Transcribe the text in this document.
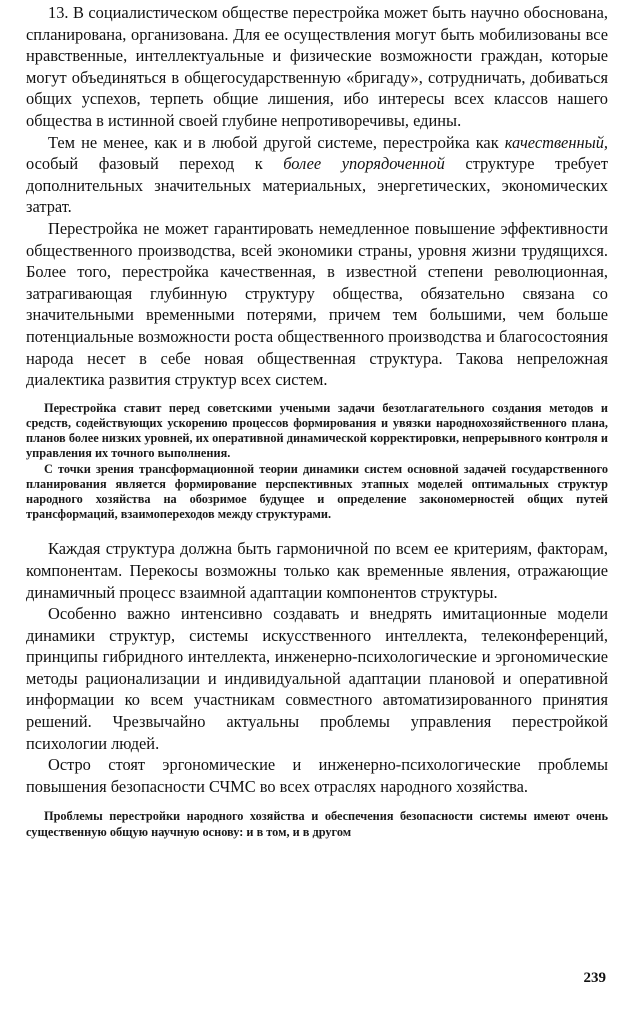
13. В социалистическом обществе перестройка может быть научно обоснована, спланирована, организована. Для ее осуществления могут быть мобилизованы все нравственные, интеллектуальные и физические возможности граждан, которые могут объединяться в общегосударственную «бригаду», сотрудничать, добиваться общих успехов, терпеть общие лишения, ибо интересы всех классов нашего общества в истинной своей глубине непротиворечивы, едины.

Тем не менее, как и в любой другой системе, перестройка как качественный, особый фазовый переход к более упорядоченной структуре требует дополнительных значительных материальных, энергетических, экономических затрат.

Перестройка не может гарантировать немедленное повышение эффективности общественного производства, всей экономики страны, уровня жизни трудящихся. Более того, перестройка качественная, в известной степени революционная, затрагивающая глубинную структуру общества, обязательно связана со значительными временными потерями, причем тем большими, чем больше потенциальные возможности роста общественного производства и благосостояния народа несет в себе новая общественная структура. Такова непреложная диалектика развития структур всех систем.

Перестройка ставит перед советскими учеными задачи безотлагательного создания методов и средств, содействующих ускорению процессов формирования и увязки народнохозяйственного плана, планов более низких уровней, их оперативной динамической корректировки, непрерывного контроля и управления их точного выполнения.

С точки зрения трансформационной теории динамики систем основной задачей государственного планирования является формирование перспективных этапных моделей оптимальных структур народного хозяйства на обозримое будущее и определение закономерностей общих путей трансформаций, взаимопереходов между структурами.

Каждая структура должна быть гармоничной по всем ее критериям, факторам, компонентам. Перекосы возможны только как временные явления, отражающие динамичный процесс взаимной адаптации компонентов структуры.

Особенно важно интенсивно создавать и внедрять имитационные модели динамики структур, системы искусственного интеллекта, телеконференций, принципы гибридного интеллекта, инженерно-психологические и эргономические методы рационализации и индивидуальной адаптации плановой и оперативной информации ко всем участникам совместного автоматизированного принятия решений. Чрезвычайно актуальны проблемы управления перестройкой психологии людей.

Остро стоят эргономические и инженерно-психологические проблемы повышения безопасности СЧМС во всех отраслях народного хозяйства.

Проблемы перестройки народного хозяйства и обеспечения безопасности системы имеют очень существенную общую научную основу: и в том, и в другом

239
